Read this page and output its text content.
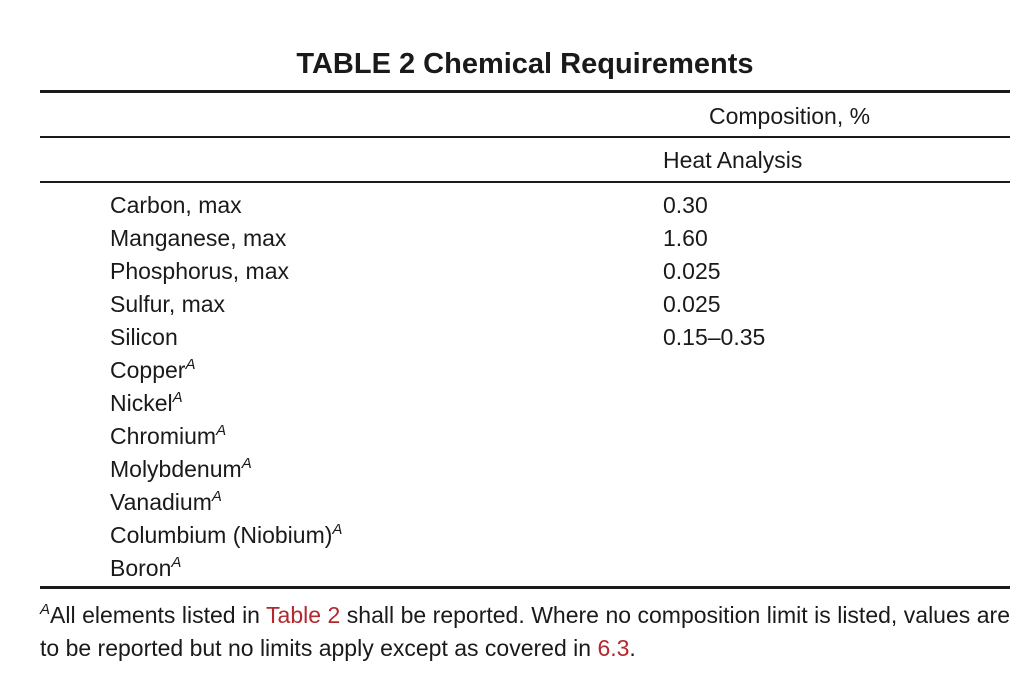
TABLE 2 Chemical Requirements
Composition, %
Heat Analysis
Carbon, max	0.30
Manganese, max	1.60
Phosphorus, max	0.025
Sulfur, max	0.025
Silicon	0.15–0.35
Copper$^A$
Nickel$^A$
Chromium$^A$
Molybdenum$^A$
Vanadium$^A$
Columbium (Niobium)$^A$
Boron$^A$
$^A$All elements listed in Table 2 shall be reported. Where no composition limit is listed, values are to be reported but no limits apply except as covered in 6.3.
